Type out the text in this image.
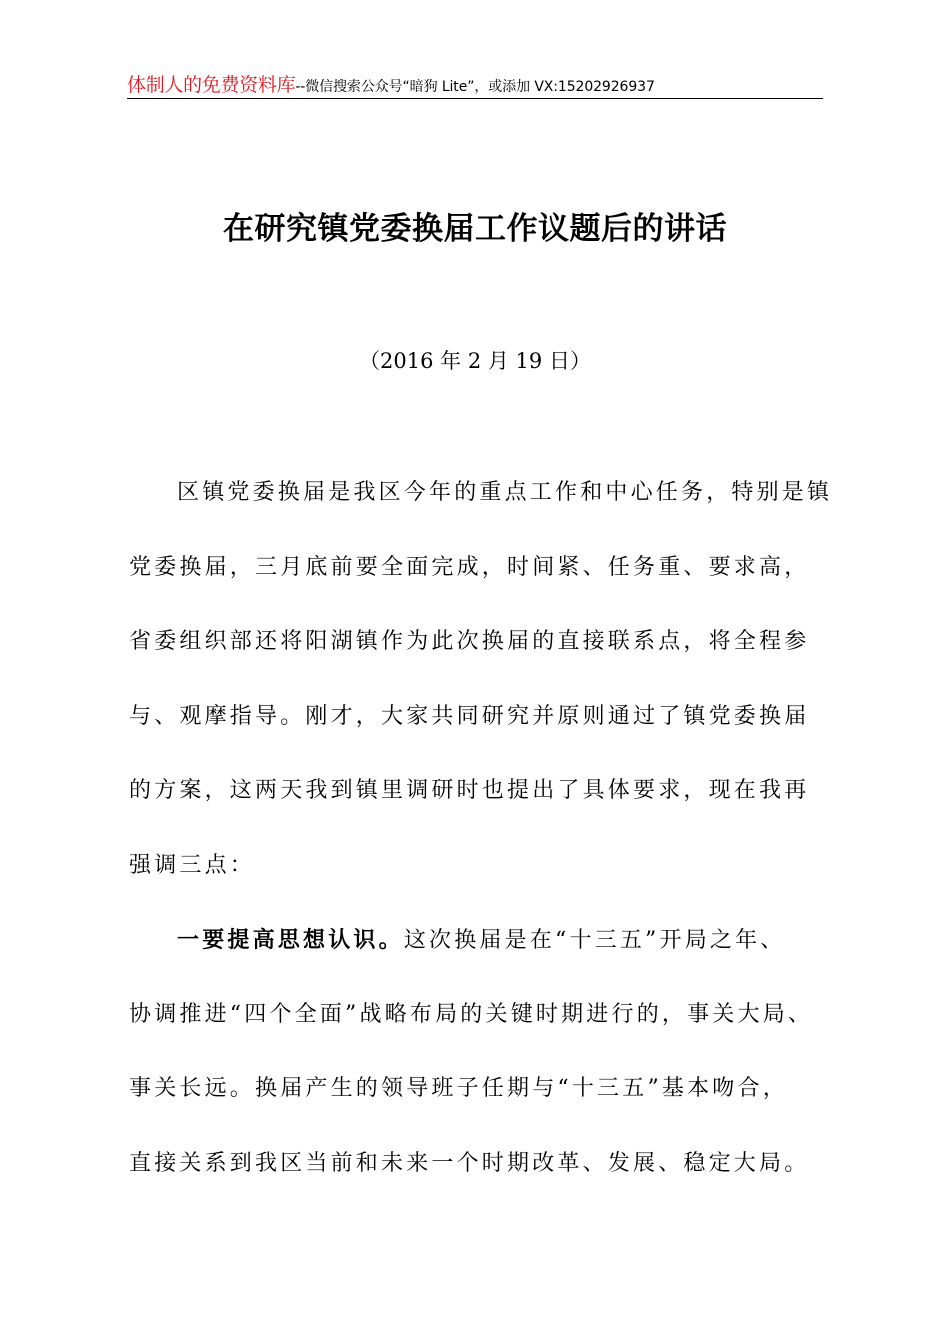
体制人的免费资料库--微信搜索公众号“暗狗 Lite”，或添加 VX:15202926937
在研究镇党委换届工作议题后的讲话
（2016 年 2 月 19 日）
区镇党委换届是我区今年的重点工作和中心任务，特别是镇
党委换届，三月底前要全面完成，时间紧、任务重、要求高，
省委组织部还将阳湖镇作为此次换届的直接联系点，将全程参
与、观摩指导。刚才，大家共同研究并原则通过了镇党委换届
的方案，这两天我到镇里调研时也提出了具体要求，现在我再
强调三点：
一要提高思想认识。这次换届是在“十三五”开局之年、
协调推进“四个全面”战略布局的关键时期进行的，事关大局、
事关长远。换届产生的领导班子任期与“十三五”基本吻合，
直接关系到我区当前和未来一个时期改革、发展、稳定大局。
